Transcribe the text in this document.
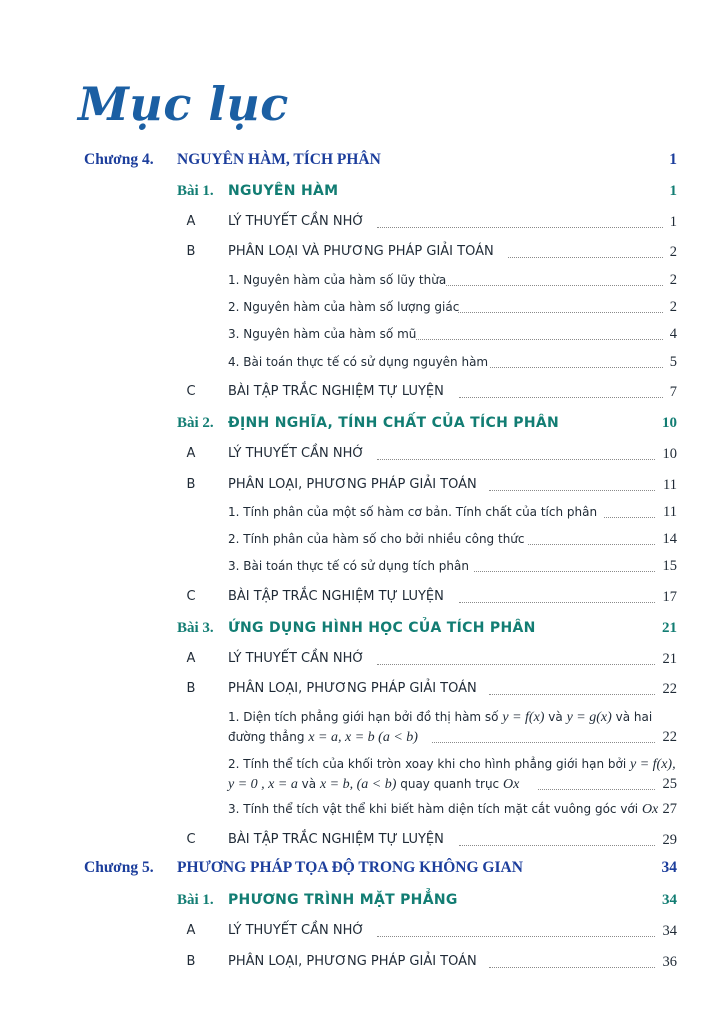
Mục lục
Chương 4. NGUYÊN HÀM, TÍCH PHÂN	1
Bài 1. NGUYÊN HÀM	1
A	LÝ THUYẾT CẦN NHỚ	1
B	PHÂN LOẠI VÀ PHƯƠNG PHÁP GIẢI TOÁN	2
1. Nguyên hàm của hàm số lũy thừa	2
2. Nguyên hàm của hàm số lượng giác	2
3. Nguyên hàm của hàm số mũ	4
4. Bài toán thực tế có sử dụng nguyên hàm	5
C	BÀI TẬP TRẮC NGHIỆM TỰ LUYỆN	7
Bài 2. ĐỊNH NGHĨA, TÍNH CHẤT CỦA TÍCH PHÂN	10
A	LÝ THUYẾT CẦN NHỚ	10
B	PHÂN LOẠI, PHƯƠNG PHÁP GIẢI TOÁN	11
1. Tính phân của một số hàm cơ bản. Tính chất của tích phân	11
2. Tính phân của hàm số cho bởi nhiều công thức	14
3. Bài toán thực tế có sử dụng tích phân	15
C	BÀI TẬP TRẮC NGHIỆM TỰ LUYỆN	17
Bài 3. ỨNG DỤNG HÌNH HỌC CỦA TÍCH PHÂN	21
A	LÝ THUYẾT CẦN NHỚ	21
B	PHÂN LOẠI, PHƯƠNG PHÁP GIẢI TOÁN	22
1. Diện tích phẳng giới hạn bởi đồ thị hàm số y = f(x) và y = g(x) và hai
đường thẳng x = a, x = b (a < b)	22
2. Tính thể tích của khối tròn xoay khi cho hình phẳng giới hạn bởi y = f(x),
y = 0 , x = a và x = b, (a < b) quay quanh trục Ox	25
3. Tính thể tích vật thể khi biết hàm diện tích mặt cắt vuông góc với Ox 27
C	BÀI TẬP TRẮC NGHIỆM TỰ LUYỆN	29
Chương 5. PHƯƠNG PHÁP TỌA ĐỘ TRONG KHÔNG GIAN	34
Bài 1. PHƯƠNG TRÌNH MẶT PHẲNG	34
A	LÝ THUYẾT CẦN NHỚ	34
B	PHÂN LOẠI, PHƯƠNG PHÁP GIẢI TOÁN	36
